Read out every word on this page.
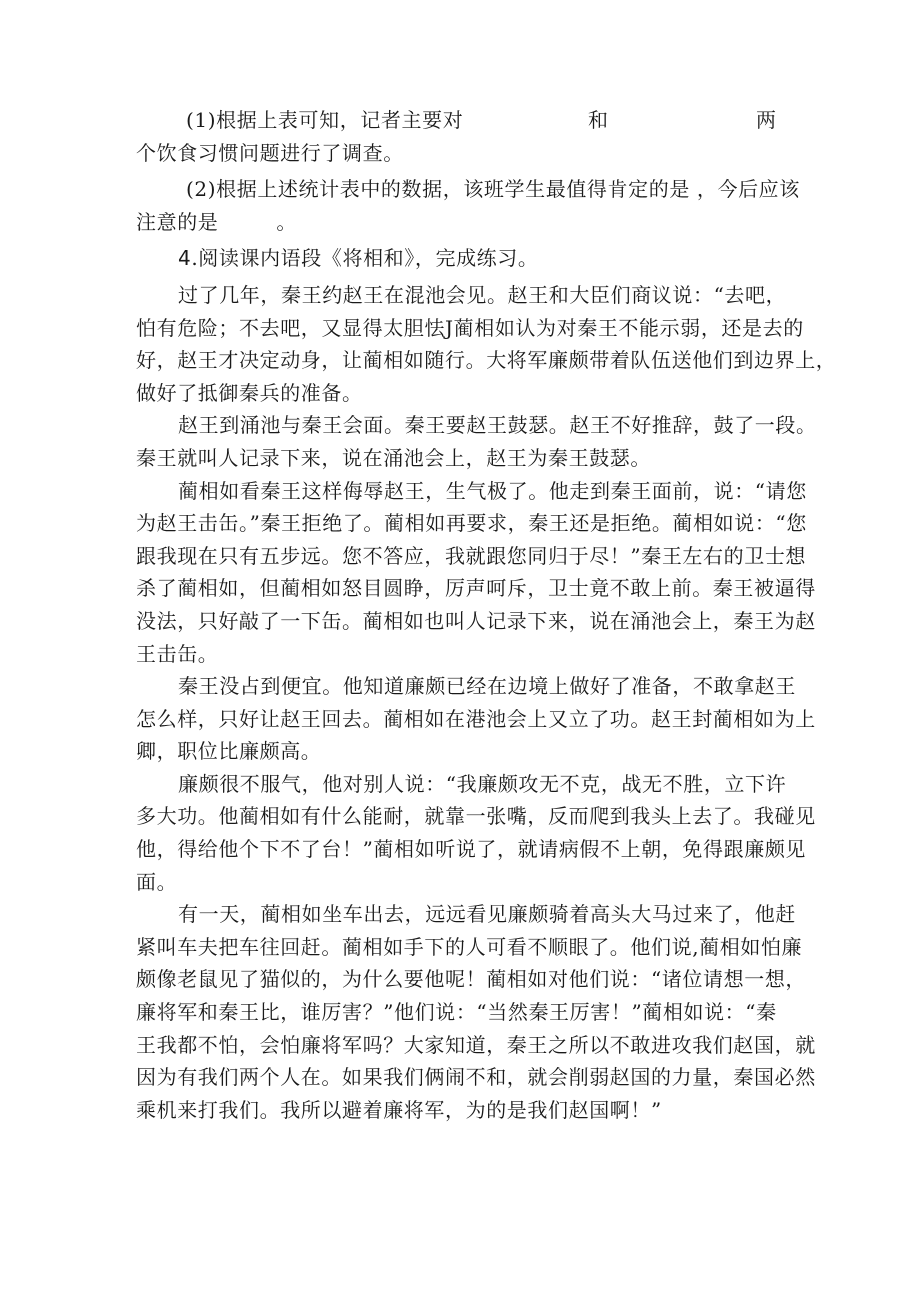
(1)根据上表可知，记者主要对	和	两
个饮食习惯问题进行了调查。
(2)根据上述统计表中的数据，该班学生最值得肯定的是 ，今后应该
注意的是	。
4.阅读课内语段《将相和》，完成练习。
过了几年，秦王约赵王在混池会见。赵王和大臣们商议说：“去吧，
怕有危险；不去吧，又显得太胆怯J蔺相如认为对秦王不能示弱，还是去的
好，赵王才决定动身，让蔺相如随行。大将军廉颇带着队伍送他们到边界上，
做好了抵御秦兵的准备。
赵王到涌池与秦王会面。秦王要赵王鼓瑟。赵王不好推辞，鼓了一段。
秦王就叫人记录下来，说在涌池会上，赵王为秦王鼓瑟。
蔺相如看秦王这样侮辱赵王，生气极了。他走到秦王面前，说：“请您
为赵王击缶。”秦王拒绝了。蔺相如再要求，秦王还是拒绝。蔺相如说：“您
跟我现在只有五步远。您不答应，我就跟您同归于尽！”秦王左右的卫士想
杀了蔺相如，但蔺相如怒目圆睁，厉声呵斥，卫士竟不敢上前。秦王被逼得
没法，只好敲了一下缶。蔺相如也叫人记录下来，说在涌池会上，秦王为赵
王击缶。
秦王没占到便宜。他知道廉颇已经在边境上做好了准备，不敢拿赵王
怎么样，只好让赵王回去。蔺相如在港池会上又立了功。赵王封蔺相如为上
卿，职位比廉颇高。
廉颇很不服气，他对别人说：“我廉颇攻无不克，战无不胜，立下许
多大功。他蔺相如有什么能耐，就靠一张嘴，反而爬到我头上去了。我碰见
他，得给他个下不了台！”蔺相如听说了，就请病假不上朝，免得跟廉颇见
面。
有一天，蔺相如坐车出去，远远看见廉颇骑着高头大马过来了，他赶
紧叫车夫把车往回赶。蔺相如手下的人可看不顺眼了。他们说,蔺相如怕廉
颇像老鼠见了猫似的，为什么要他呢！蔺相如对他们说：“诸位请想一想，
廉将军和秦王比，谁厉害？”他们说：“当然秦王厉害！”蔺相如说：“秦
王我都不怕，会怕廉将军吗？大家知道，秦王之所以不敢进攻我们赵国，就
因为有我们两个人在。如果我们俩闹不和，就会削弱赵国的力量，秦国必然
乘机来打我们。我所以避着廉将军，为的是我们赵国啊！”
